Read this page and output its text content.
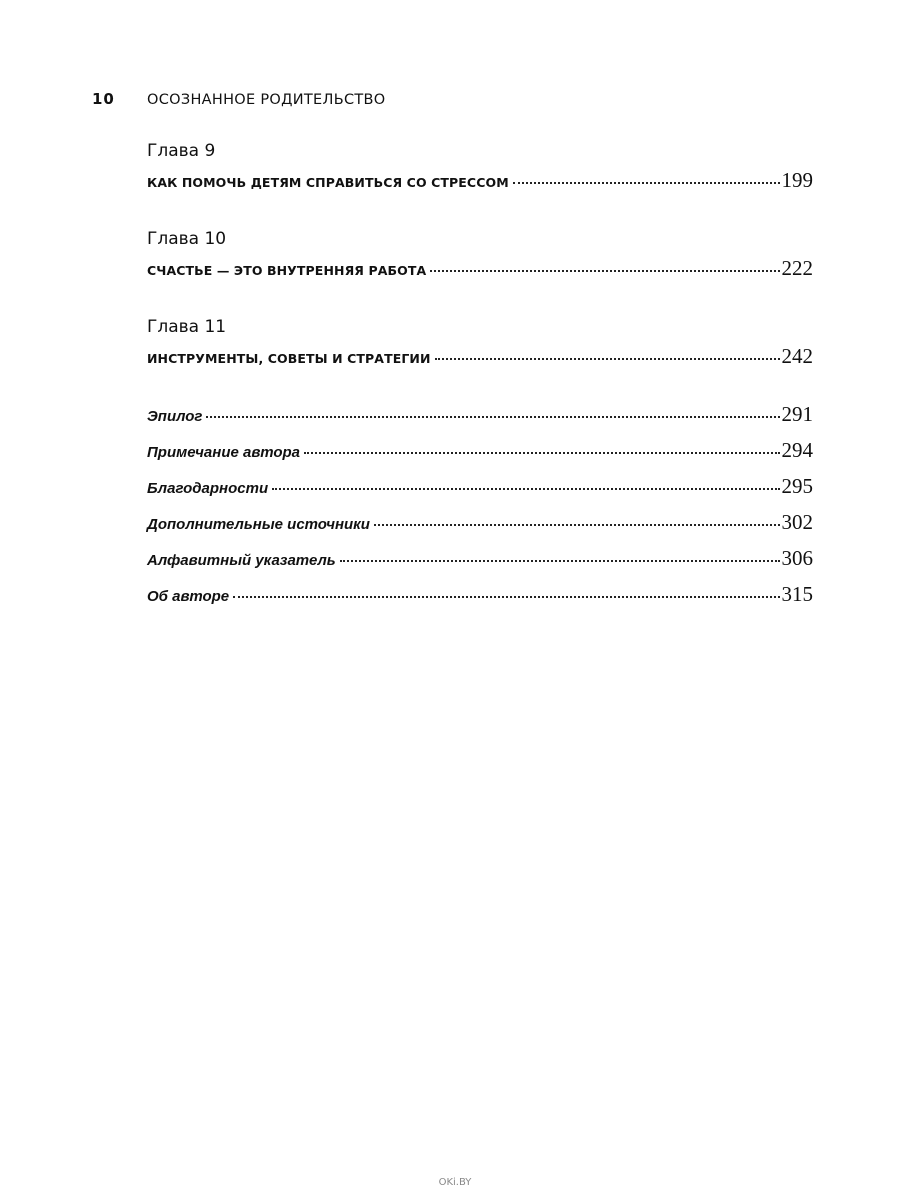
10	ОСОЗНАННОЕ РОДИТЕЛЬСТВО
Глава 9
КАК ПОМОЧЬ ДЕТЯМ СПРАВИТЬСЯ СО СТРЕССОМ	199
Глава 10
СЧАСТЬЕ — ЭТО ВНУТРЕННЯЯ РАБОТА	222
Глава 11
ИНСТРУМЕНТЫ, СОВЕТЫ И СТРАТЕГИИ	242
Эпилог	291
Примечание автора	294
Благодарности	295
Дополнительные источники	302
Алфавитный указатель	306
Об авторе	315
OKi.BY
